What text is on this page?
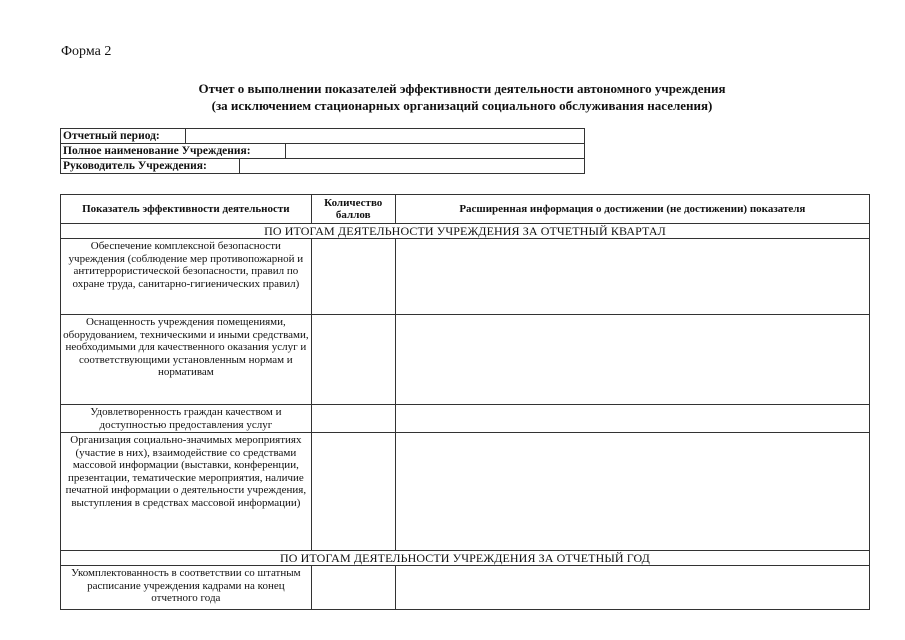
Форма 2
Отчет о выполнении показателей эффективности деятельности автономного учреждения
(за исключением стационарных организаций социального обслуживания населения)
Отчетный период:

Полное наименование Учреждения:

Руководитель Учреждения:
Показатель эффективности деятельности	Количество баллов	Расширенная информация о достижении (не достижении) показателя
ПО ИТОГАМ ДЕЯТЕЛЬНОСТИ УЧРЕЖДЕНИЯ ЗА ОТЧЕТНЫЙ КВАРТАЛ		
Обеспечение комплексной безопасности учреждения (соблюдение мер противопожарной и антитеррористической безопасности, правил по охране труда, санитарно-гигиенических правил)		
Оснащенность учреждения помещениями, оборудованием, техническими и иными средствами, необходимыми для качественного оказания услуг и соответствующими установленным нормам и нормативам		
Удовлетворенность граждан качеством и доступностью предоставления услуг		
Организация социально-значимых мероприятиях (участие в них), взаимодействие со средствами массовой информации (выставки, конференции, презентации, тематические мероприятия, наличие печатной информации о деятельности учреждения, выступления в средствах массовой информации)		
ПО ИТОГАМ ДЕЯТЕЛЬНОСТИ УЧРЕЖДЕНИЯ ЗА ОТЧЕТНЫЙ ГОД		
Укомплектованность в соответствии со штатным расписание учреждения кадрами на конец отчетного года		
